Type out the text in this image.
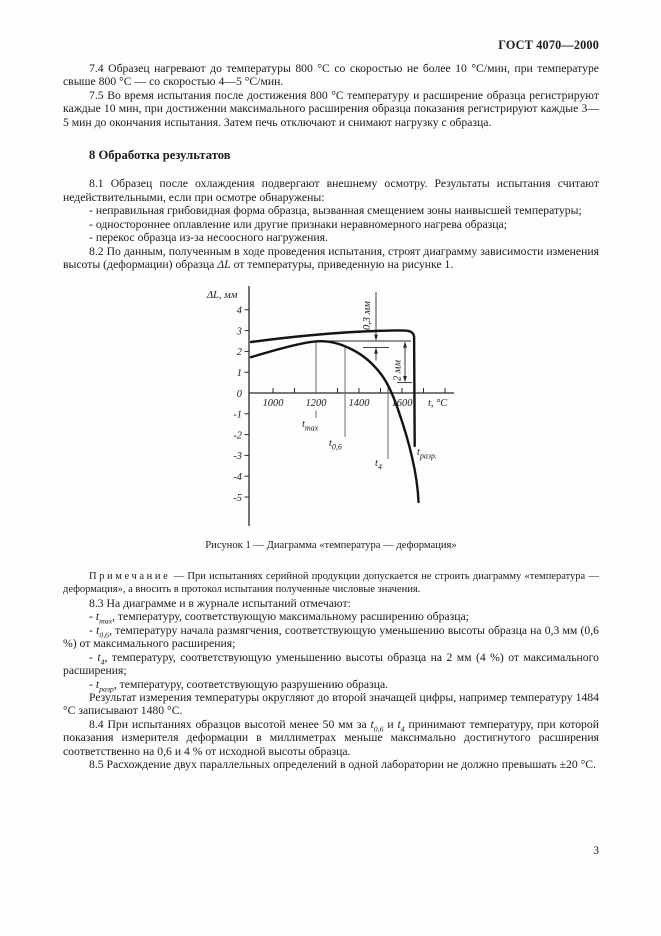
ГОСТ 4070—2000

7.4 Образец нагревают до температуры 800 °С со скоростью не более 10 °С/мин, при температуре свыше 800 °С — со скоростью 4—5 °С/мин.

7.5 Во время испытания после достижения 800 °С температуру и расширение образца регистрируют каждые 10 мин, при достижении максимального расширения образца показания регистрируют каждые 3—5 мин до окончания испытания. Затем печь отключают и снимают нагрузку с образца.

8 Обработка результатов

8.1 Образец после охлаждения подвергают внешнему осмотру. Результаты испытания считают недействительными, если при осмотре обнаружены:

- неправильная грибовидная форма образца, вызванная смещением зоны наивысшей температуры;

- одностороннее оплавление или другие признаки неравномерного нагрева образца;

- перекос образца из-за несоосного нагружения.

8.2 По данным, полученным в ходе проведения испытания, строят диаграмму зависимости изменения высоты (деформации) образца ΔL от температуры, приведенную на рисунке 1.

ΔL, мм
t, °С
4
3
2
1
0
-1
-2
-3
-4
-5
1000 1200 1400 1600
0,3 мм
2 мм
$t_{max}$
$t_{0,6}$
$t_4$
$t_{разр.}$
Рисунок 1 — Диаграмма «температура — деформация»

Примечание — При испытаниях серийной продукции допускается не строить диаграмму «температура — деформация», а вносить в протокол испытания полученные числовые значения.

8.3 На диаграмме и в журнале испытаний отмечают:

- $t_{max}$, температуру, соответствующую максимальному расширению образца;

- $t_{0,6}$, температуру начала размягчения, соответствующую уменьшению высоты образца на 0,3 мм (0,6 %) от максимального расширения;

- $t_4$, температуру, соответствующую уменьшению высоты образца на 2 мм (4 %) от максимального расширения;

- $t_{разр}$, температуру, соответствующую разрушению образца.

Результат измерения температуры округляют до второй значащей цифры, например температуру 1484 °С записывают 1480 °С.

8.4 При испытаниях образцов высотой менее 50 мм за $t_{0,6}$ и $t_4$ принимают температуру, при которой показания измерителя деформации в миллиметрах меньше максимально достигнутого расширения соответственно на 0,6 и 4 % от исходной высоты образца.

8.5 Расхождение двух параллельных определений в одной лаборатории не должно превышать ±20 °С.

3
